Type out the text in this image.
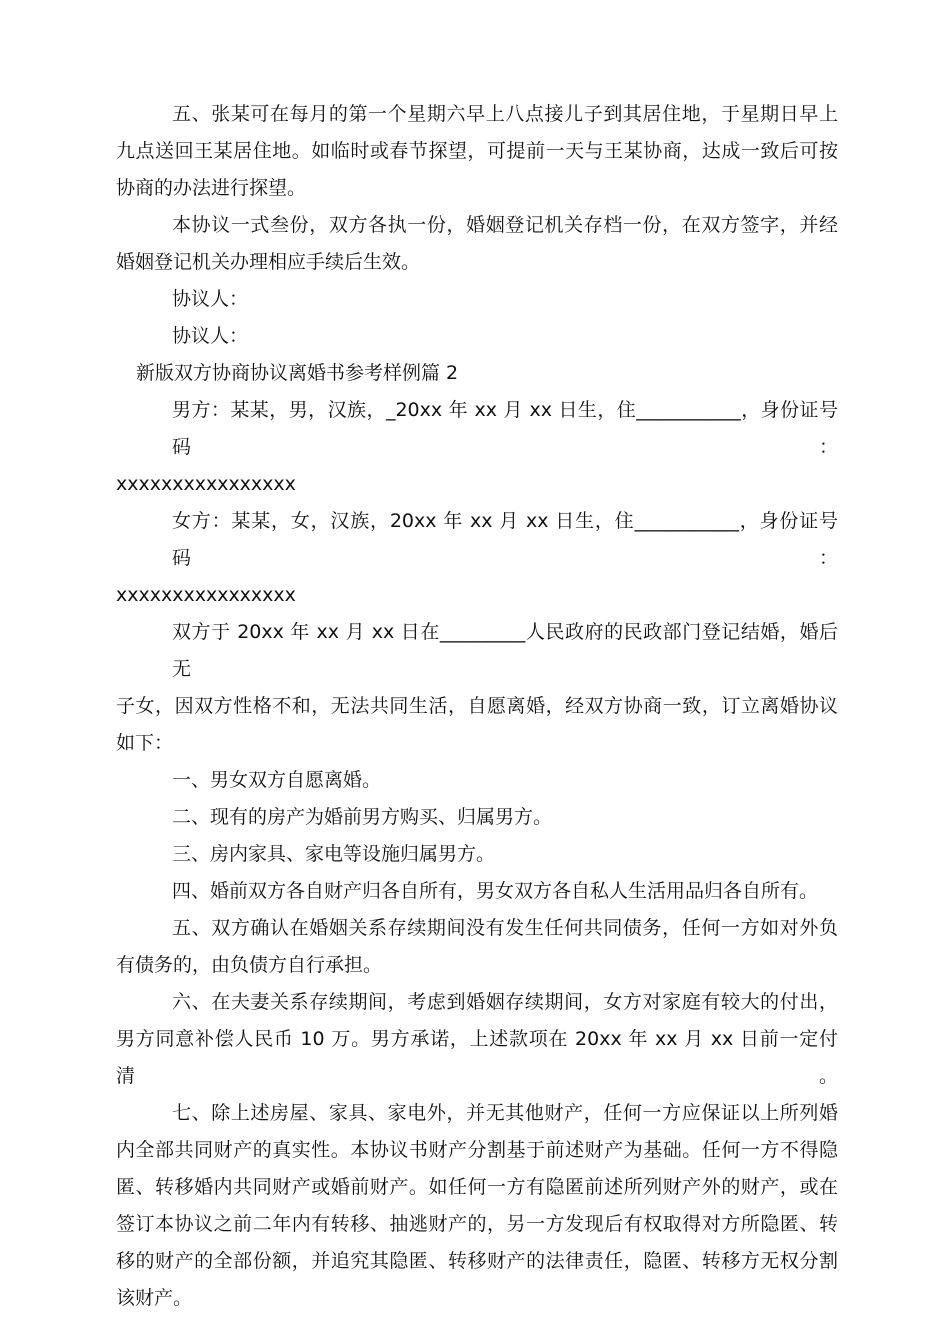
五、张某可在每月的第一个星期六早上八点接儿子到其居住地，于星期日早上

九点送回王某居住地。如临时或春节探望，可提前一天与王某协商，达成一致后可按

协商的办法进行探望。

本协议一式叁份，双方各执一份，婚姻登记机关存档一份，在双方签字，并经

婚姻登记机关办理相应手续后生效。

协议人：

协议人：

新版双方协商协议离婚书参考样例篇 2

男方：某某，男，汉族，_20xx 年 xx 月 xx 日生，住___________，身份证号码：

xxxxxxxxxxxxxxxx

女方：某某，女，汉族，20xx 年 xx 月 xx 日生，住___________，身份证号码：

xxxxxxxxxxxxxxxx

双方于 20xx 年 xx 月 xx 日在_________人民政府的民政部门登记结婚，婚后无

子女，因双方性格不和，无法共同生活，自愿离婚，经双方协商一致，订立离婚协议

如下：

一、男女双方自愿离婚。

二、现有的房产为婚前男方购买、归属男方。

三、房内家具、家电等设施归属男方。

四、婚前双方各自财产归各自所有，男女双方各自私人生活用品归各自所有。

五、双方确认在婚姻关系存续期间没有发生任何共同债务，任何一方如对外负

有债务的，由负债方自行承担。

六、在夫妻关系存续期间，考虑到婚姻存续期间，女方对家庭有较大的付出，

男方同意补偿人民币 10 万。男方承诺，上述款项在 20xx 年 xx 月 xx 日前一定付清。

七、除上述房屋、家具、家电外，并无其他财产，任何一方应保证以上所列婚

内全部共同财产的真实性。本协议书财产分割基于前述财产为基础。任何一方不得隐

匿、转移婚内共同财产或婚前财产。如任何一方有隐匿前述所列财产外的财产，或在

签订本协议之前二年内有转移、抽逃财产的，另一方发现后有权取得对方所隐匿、转

移的财产的全部份额，并追究其隐匿、转移财产的法律责任，隐匿、转移方无权分割

该财产。
